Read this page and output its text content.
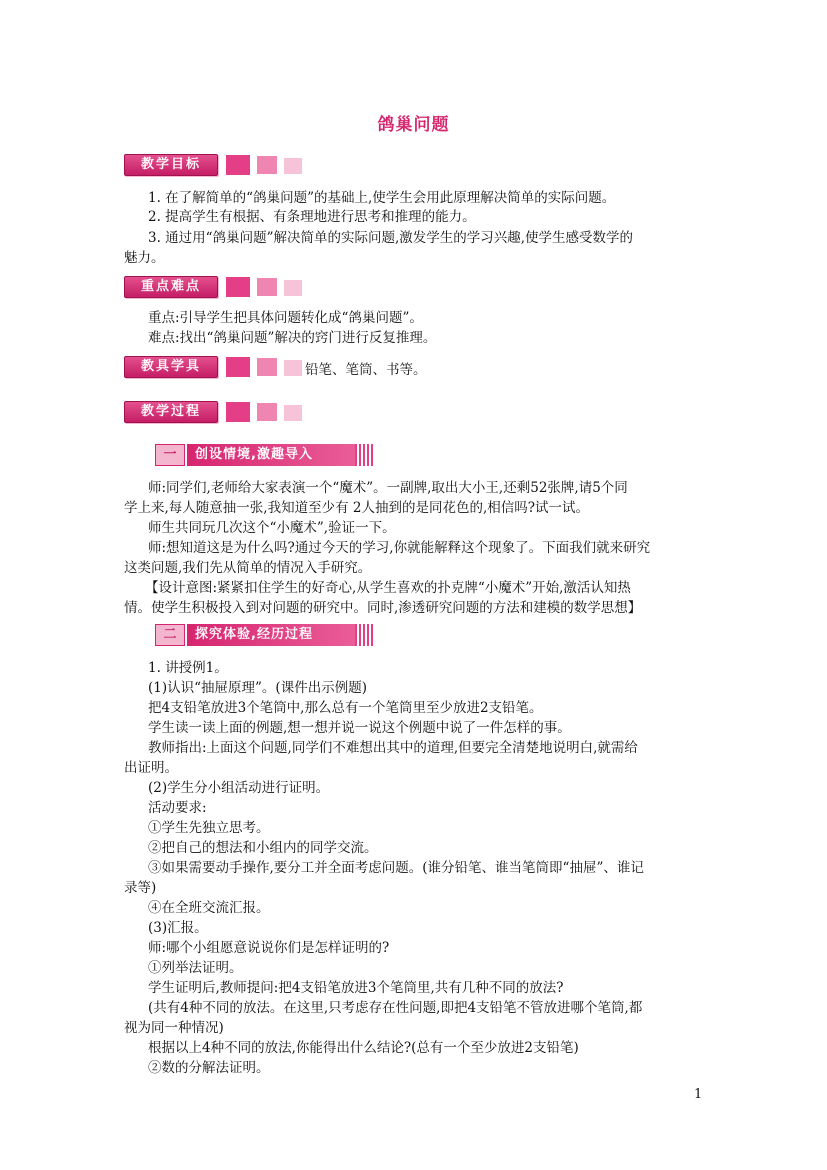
鸽巢问题
教学目标
1. 在了解简单的“鸽巢问题”的基础上,使学生会用此原理解决简单的实际问题。
2. 提高学生有根据、有条理地进行思考和推理的能力。
3. 通过用“鸽巢问题”解决简单的实际问题,激发学生的学习兴趣,使学生感受数学的
魅力。
重点难点
重点:引导学生把具体问题转化成“鸽巢问题”。
难点:找出“鸽巢问题”解决的窍门进行反复推理。
教具学具	铅笔、笔筒、书等。
教学过程
一	创设情境,激趣导入
师:同学们,老师给大家表演一个“魔术”。一副牌,取出大小王,还剩52张牌,请5个同
学上来,每人随意抽一张,我知道至少有 2人抽到的是同花色的,相信吗?试一试。
师生共同玩几次这个“小魔术”,验证一下。
师:想知道这是为什么吗?通过今天的学习,你就能解释这个现象了。下面我们就来研究
这类问题,我们先从简单的情况入手研究。
【设计意图:紧紧扣住学生的好奇心,从学生喜欢的扑克牌“小魔术”开始,激活认知热
情。使学生积极投入到对问题的研究中。同时,渗透研究问题的方法和建模的数学思想】
二	探究体验,经历过程
1. 讲授例1。
(1)认识“抽屉原理”。(课件出示例题)
把4支铅笔放进3个笔筒中,那么总有一个笔筒里至少放进2支铅笔。
学生读一读上面的例题,想一想并说一说这个例题中说了一件怎样的事。
教师指出:上面这个问题,同学们不难想出其中的道理,但要完全清楚地说明白,就需给
出证明。
(2)学生分小组活动进行证明。
活动要求:
①学生先独立思考。
②把自己的想法和小组内的同学交流。
③如果需要动手操作,要分工并全面考虑问题。(谁分铅笔、谁当笔筒即“抽屉”、谁记
录等)
④在全班交流汇报。
(3)汇报。
师:哪个小组愿意说说你们是怎样证明的?
①列举法证明。
学生证明后,教师提问:把4支铅笔放进3个笔筒里,共有几种不同的放法?
(共有4种不同的放法。在这里,只考虑存在性问题,即把4支铅笔不管放进哪个笔筒,都
视为同一种情况)
根据以上4种不同的放法,你能得出什么结论?(总有一个至少放进2支铅笔)
②数的分解法证明。
1
